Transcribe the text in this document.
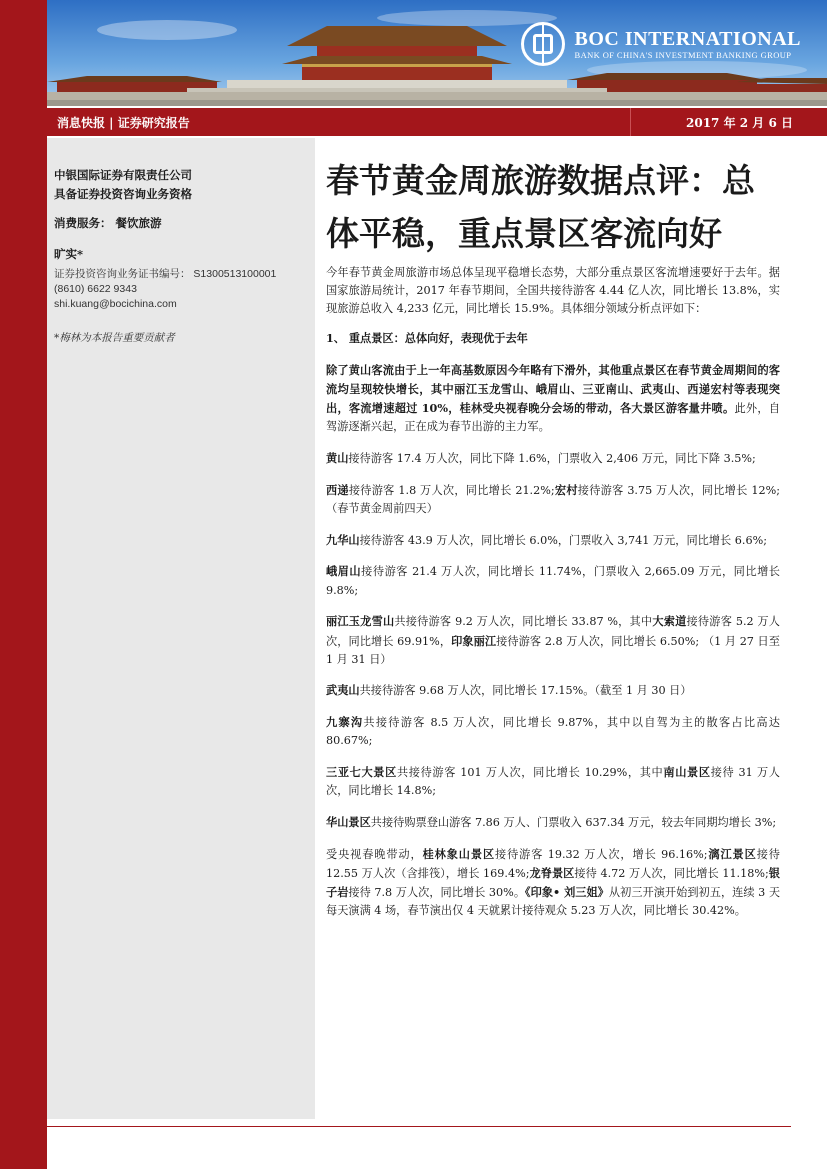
BOC INTERNATIONAL
BANK OF CHINA'S INVESTMENT BANKING GROUP
消息快报 | 证券研究报告	2017 年 2 月 6 日
中银国际证券有限责任公司
具备证券投资咨询业务资格
消费服务： 餐饮旅游
旷实*
证券投资咨询业务证书编号： S1300513100001
(8610) 6622 9343
shi.kuang@bocichina.com
*梅林为本报告重要贡献者
春节黄金周旅游数据点评：总
体平稳，重点景区客流向好

今年春节黄金周旅游市场总体呈现平稳增长态势，大部分重点景区客流增速要好于去年。据国家旅游局统计，2017 年春节期间，全国共接待游客 4.44 亿人次，同比增长 13.8%，实现旅游总收入 4,233 亿元，同比增长 15.9%。具体细分领域分析点评如下：

1、 重点景区：总体向好，表现优于去年

除了黄山客流由于上一年高基数原因今年略有下滑外，其他重点景区在春节黄金周期间的客流均呈现较快增长，其中丽江玉龙雪山、峨眉山、三亚南山、武夷山、西递宏村等表现突出，客流增速超过 10%，桂林受央视春晚分会场的带动，各大景区游客量井喷。此外，自驾游逐渐兴起，正在成为春节出游的主力军。

黄山接待游客 17.4 万人次，同比下降 1.6%，门票收入 2,406 万元，同比下降 3.5%;

西递接待游客 1.8 万人次，同比增长 21.2%;宏村接待游客 3.75 万人次，同比增长 12%; （春节黄金周前四天）

九华山接待游客 43.9 万人次，同比增长 6.0%，门票收入 3,741 万元，同比增长 6.6%;

峨眉山接待游客 21.4 万人次，同比增长 11.74%，门票收入 2,665.09 万元，同比增长 9.8%;

丽江玉龙雪山共接待游客 9.2 万人次，同比增长 33.87 %，其中大索道接待游客 5.2 万人次，同比增长 69.91%，印象丽江接待游客 2.8 万人次，同比增长 6.50%; （1 月 27 日至 1 月 31 日）

武夷山共接待游客 9.68 万人次，同比增长 17.15%。（截至 1 月 30 日）

九寨沟共接待游客 8.5 万人次，同比增长 9.87%，其中以自驾为主的散客占比高达 80.67%;

三亚七大景区共接待游客 101 万人次，同比增长 10.29%，其中南山景区接待 31 万人次，同比增长 14.8%;

华山景区共接待购票登山游客 7.86 万人、门票收入 637.34 万元，较去年同期均增长 3%;

受央视春晚带动，桂林象山景区接待游客 19.32 万人次，增长 96.16%;漓江景区接待 12.55 万人次（含排筏），增长 169.4%;龙脊景区接待 4.72 万人次，同比增长 11.18%;银子岩接待 7.8 万人次，同比增长 30%。《印象• 刘三姐》从初三开演开始到初五，连续 3 天每天演满 4 场，春节演出仅 4 天就累计接待观众 5.23 万人次，同比增长 30.42%。
